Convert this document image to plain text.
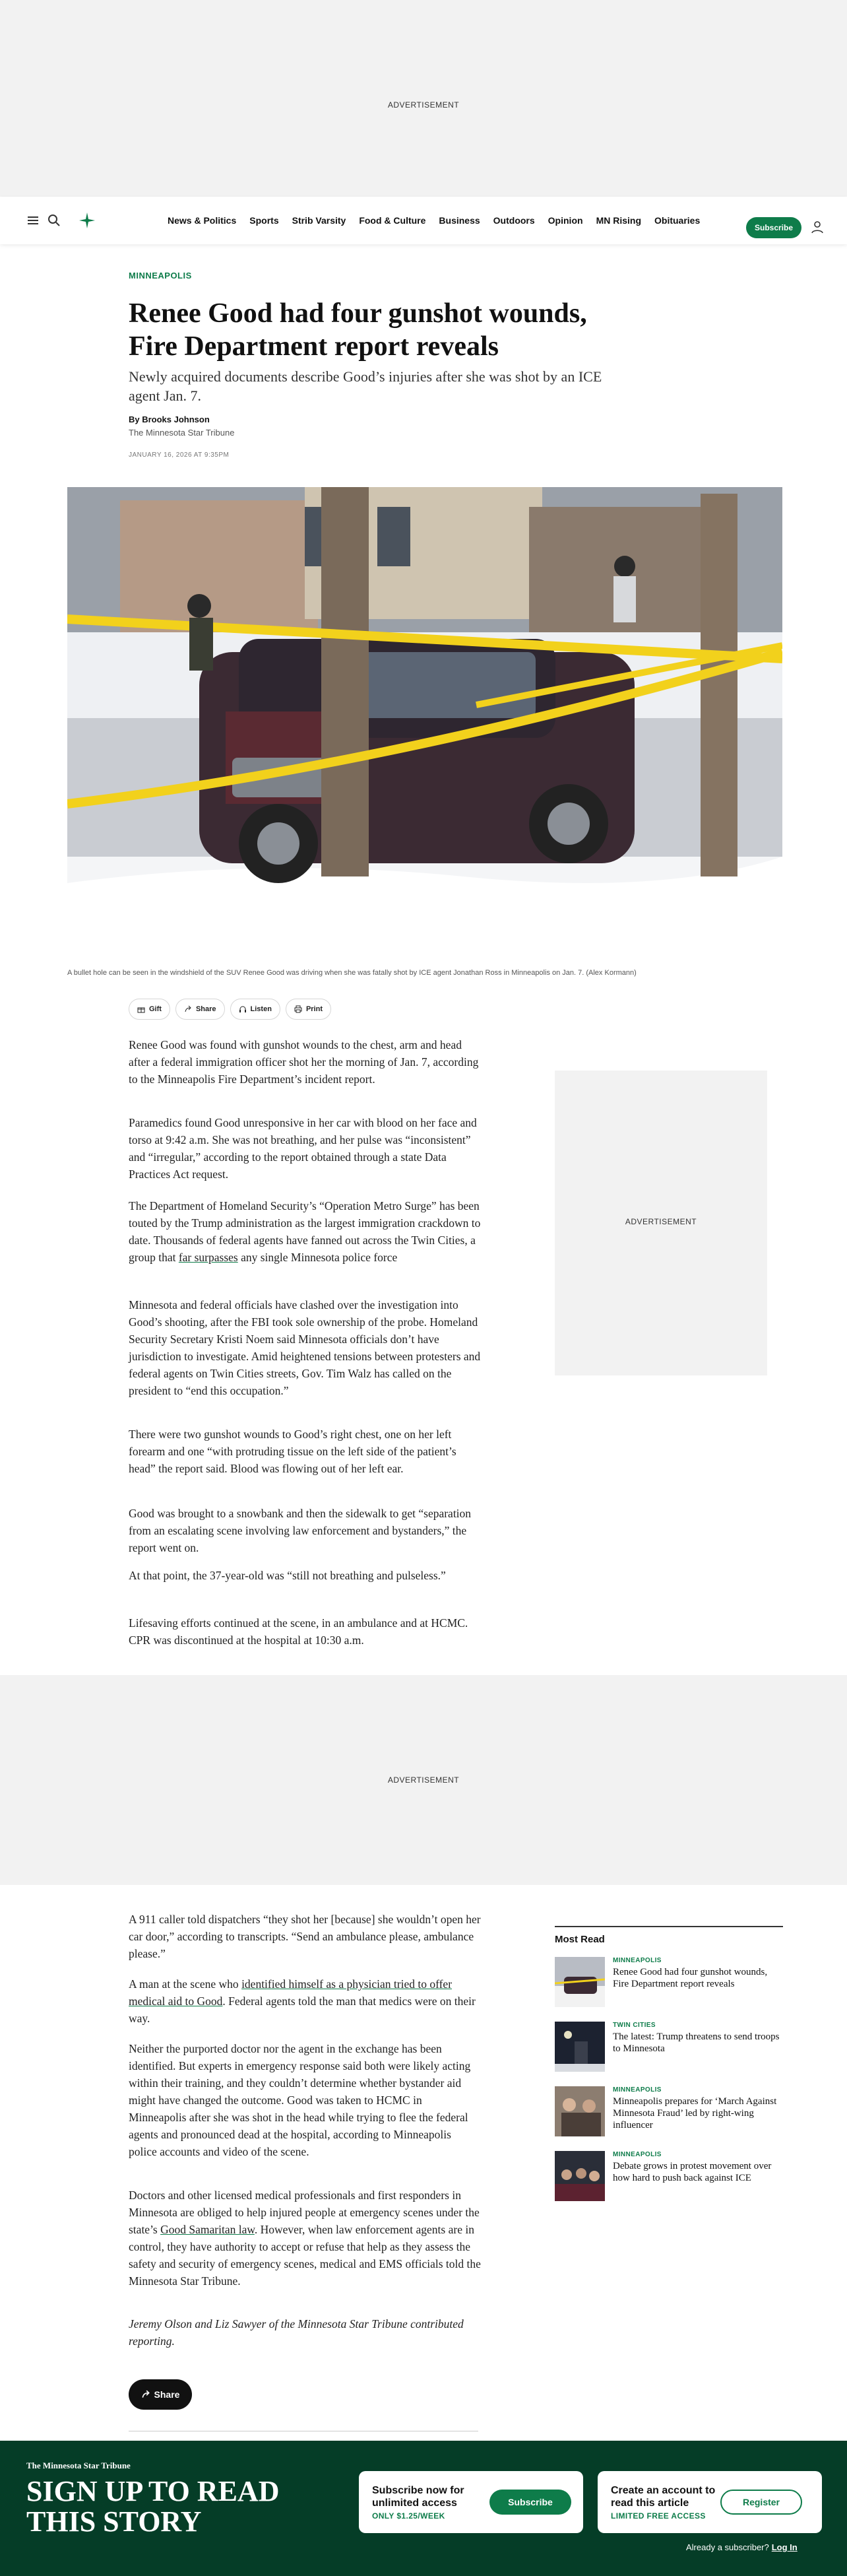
ADVERTISEMENT
News & Politics Sports Strib Varsity Food & Culture Business Outdoors Opinion MN Rising Obituaries
Subscribe
MINNEAPOLIS
Renee Good had four gunshot wounds, Fire Department report reveals

Newly acquired documents describe Good’s injuries after she was shot by an ICE agent Jan. 7.

By Brooks Johnson
The Minnesota Star Tribune
JANUARY 16, 2026 AT 9:35PM
A bullet hole can be seen in the windshield of the SUV Renee Good was driving when she was fatally shot by ICE agent Jonathan Ross in Minneapolis on Jan. 7. (Alex Kormann)
Gift	Share	Listen	Print

Renee Good was found with gunshot wounds to the chest, arm and head after a federal immigration officer shot her the morning of Jan. 7, according to the Minneapolis Fire Department’s incident report.

Paramedics found Good unresponsive in her car with blood on her face and torso at 9:42 a.m. She was not breathing, and her pulse was “inconsistent” and “irregular,” according to the report obtained through a state Data Practices Act request.

The Department of Homeland Security’s “Operation Metro Surge” has been touted by the Trump administration as the largest immigration crackdown to date. Thousands of federal agents have fanned out across the Twin Cities, a group that far surpasses any single Minnesota police force

Minnesota and federal officials have clashed over the investigation into Good’s shooting, after the FBI took sole ownership of the probe. Homeland Security Secretary Kristi Noem said Minnesota officials don’t have jurisdiction to investigate. Amid heightened tensions between protesters and federal agents on Twin Cities streets, Gov. Tim Walz has called on the president to “end this occupation.”

There were two gunshot wounds to Good’s right chest, one on her left forearm and one “with protruding tissue on the left side of the patient’s head” the report said. Blood was flowing out of her left ear.

Good was brought to a snowbank and then the sidewalk to get “separation from an escalating scene involving law enforcement and bystanders,” the report went on.

At that point, the 37-year-old was “still not breathing and pulseless.”

Lifesaving efforts continued at the scene, in an ambulance and at HCMC. CPR was discontinued at the hospital at 10:30 a.m.

ADVERTISEMENT
ADVERTISEMENT

A 911 caller told dispatchers “they shot her [because] she wouldn’t open her car door,” according to transcripts. “Send an ambulance please, ambulance please.”

A man at the scene who identified himself as a physician tried to offer medical aid to Good. Federal agents told the man that medics were on their way.

Neither the purported doctor nor the agent in the exchange has been identified. But experts in emergency response said both were likely acting within their training, and they couldn’t determine whether bystander aid might have changed the outcome. Good was taken to HCMC in Minneapolis after she was shot in the head while trying to flee the federal agents and pronounced dead at the hospital, according to Minneapolis police accounts and video of the scene.

Doctors and other licensed medical professionals and first responders in Minnesota are obliged to help injured people at emergency scenes under the state’s Good Samaritan law. However, when law enforcement agents are in control, they have authority to accept or refuse that help as they assess the safety and security of emergency scenes, medical and EMS officials told the Minnesota Star Tribune.

Jeremy Olson and Liz Sawyer of the Minnesota Star Tribune contributed reporting.

Most Read
MINNEAPOLIS
Renee Good had four gunshot wounds, Fire Department report reveals
TWIN CITIES
The latest: Trump threatens to send troops to Minnesota
MINNEAPOLIS
Minneapolis prepares for ‘March Against Minnesota Fraud’ led by right-wing influencer
MINNEAPOLIS
Debate grows in protest movement over how hard to push back against ICE
Share
The Minnesota Star Tribune
SIGN UP TO READ THIS STORY
Subscribe now for unlimited access
ONLY $1.25/WEEK
Subscribe
Create an account to read this article
LIMITED FREE ACCESS
Register
Already a subscriber? Log In
